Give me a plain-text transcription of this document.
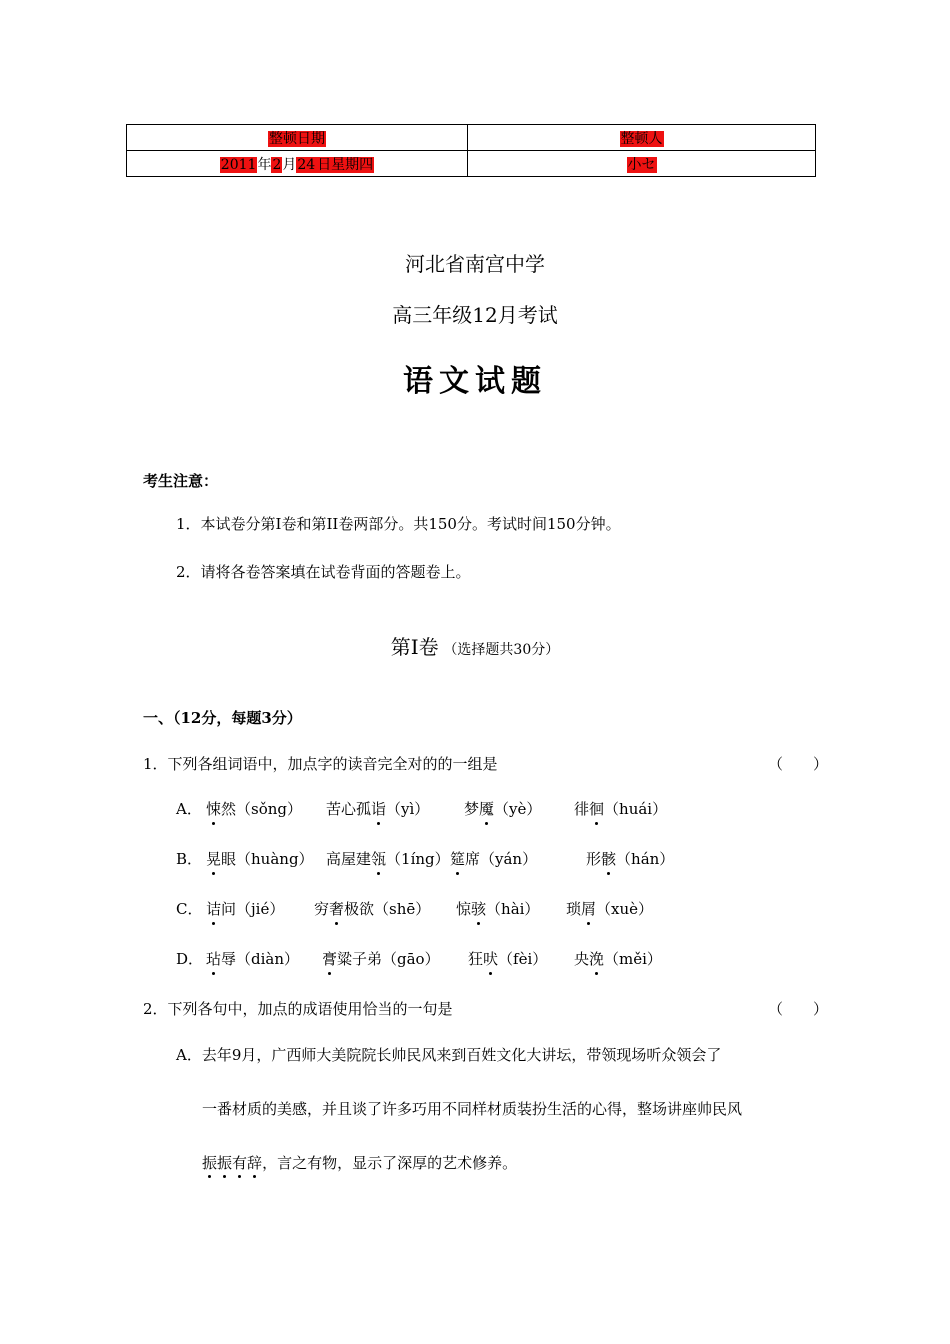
整顿日期	整顿人
2011年2月24 日星期四	小セ
河北省南宫中学
高三年级12月考试
语文试题
考生注意：
1．本试卷分第Ⅰ卷和第II卷两部分。共150分。考试时间150分钟。
2．请将各卷答案填在试卷背面的答题卷上。
第Ⅰ卷 （选择题共30分）
一、（12分，每题3分）
1．下列各组词语中，加点字的读音完全对的的一组是	（　　）
A． 悚然（sǒng） 苦心孤诣（yì） 梦魇（yè） 徘徊（huái）
B． 晃眼（huàng） 高屋建瓴（1íng） 筵席（yán）	形骸（hán）
C． 诘问（jié） 穷奢极欲（shē） 惊骇（hài） 琐屑（xuè）
D． 玷辱（diàn） 膏粱子弟（gāo） 狂吠（fèi） 央浼（měi）
2．下列各句中，加点的成语使用恰当的一句是	（　　）
A．去年9月，广西师大美院院长帅民风来到百姓文化大讲坛，带领现场听众领会了
一番材质的美感，并且谈了许多巧用不同样材质装扮生活的心得，整场讲座帅民风
振振有辞，言之有物，显示了深厚的艺术修养。
